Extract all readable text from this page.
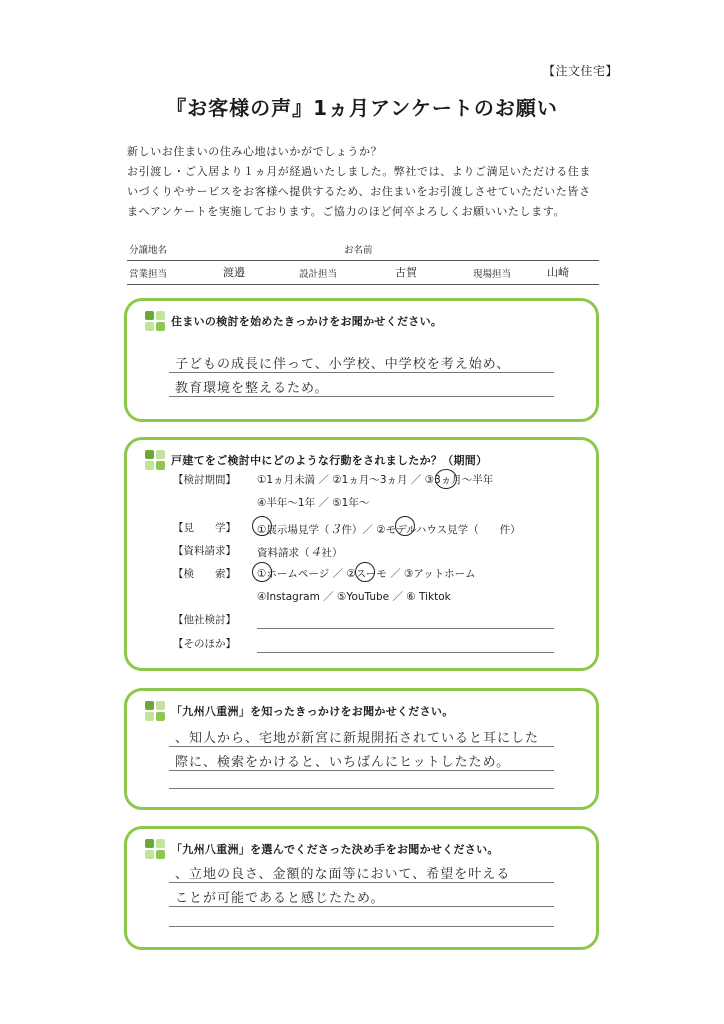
【注文住宅】
『お客様の声』1ヵ月アンケートのお願い
新しいお住まいの住み心地はいかがでしょうか？
お引渡し・ご入居より１ヵ月が経過いたしました。弊社では、よりご満足いただける住ま
いづくりやサービスをお客様へ提供するため、お住まいをお引渡しさせていただいた皆さ
まへアンケートを実施しております。ご協力のほど何卒よろしくお願いいたします。
分譲地名	お名前
営業担当	渡邉	設計担当	古賀	現場担当	山崎
住まいの検討を始めたきっかけをお聞かせください。
子どもの成長に伴って、小学校、中学校を考え始め、
教育環境を整えるため。
戸建てをご検討中にどのような行動をされましたか？（期間）
【検討期間】 ①1ヵ月未満 ／ ②1ヵ月～3ヵ月 ／ ③3ヵ月～半年
④半年～1年 ／ ⑤1年～
【見　　学】 ①展示場見学（３件）／ ②モデルハウス見学（　　件）
【資料請求】 資料請求（４社）
【検　　索】 ①ホームページ ／ ②スーモ ／ ③アットホーム
④Instagram ／ ⑤YouTube ／ ⑥ Tiktok
【他社検討】
【そのほか】
「九州八重洲」を知ったきっかけをお聞かせください。
、知人から、宅地が新宮に新規開拓されていると耳にした
際に、検索をかけると、いちばんにヒットしたため。
「九州八重洲」を選んでくださった決め手をお聞かせください。
、立地の良さ、金額的な面等において、希望を叶える
ことが可能であると感じたため。
